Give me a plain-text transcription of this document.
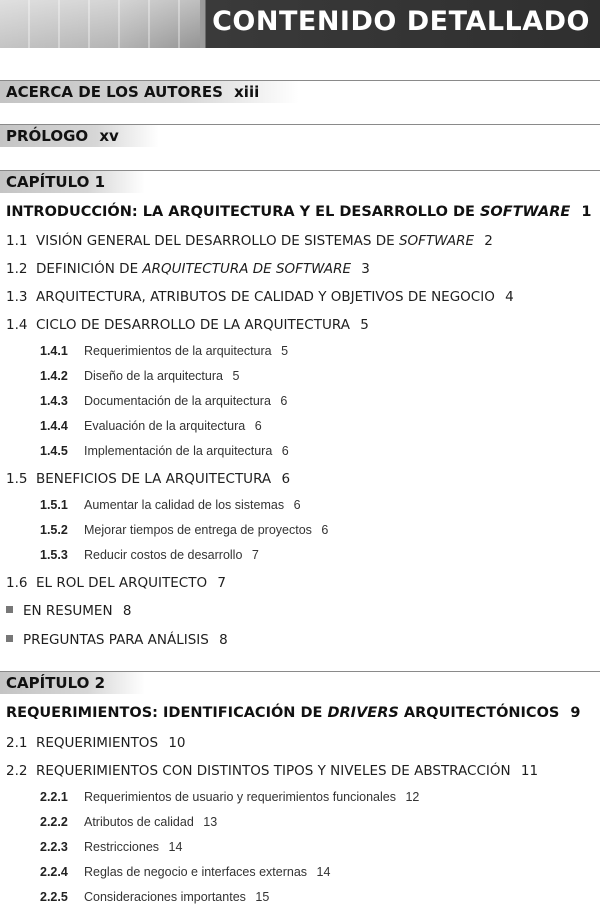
CONTENIDO DETALLADO
ACERCA DE LOS AUTORES xiii
PRÓLOGO xv
CAPÍTULO 1
INTRODUCCIÓN: LA ARQUITECTURA Y EL DESARROLLO DE SOFTWARE 1
1.1 VISIÓN GENERAL DEL DESARROLLO DE SISTEMAS DE SOFTWARE 2
1.2 DEFINICIÓN DE ARQUITECTURA DE SOFTWARE 3
1.3 ARQUITECTURA, ATRIBUTOS DE CALIDAD Y OBJETIVOS DE NEGOCIO 4
1.4 CICLO DE DESARROLLO DE LA ARQUITECTURA 5
1.4.1 Requerimientos de la arquitectura 5
1.4.2 Diseño de la arquitectura 5
1.4.3 Documentación de la arquitectura 6
1.4.4 Evaluación de la arquitectura 6
1.4.5 Implementación de la arquitectura 6
1.5 BENEFICIOS DE LA ARQUITECTURA 6
1.5.1 Aumentar la calidad de los sistemas 6
1.5.2 Mejorar tiempos de entrega de proyectos 6
1.5.3 Reducir costos de desarrollo 7
1.6 EL ROL DEL ARQUITECTO 7
EN RESUMEN 8
PREGUNTAS PARA ANÁLISIS 8
CAPÍTULO 2
REQUERIMIENTOS: IDENTIFICACIÓN DE DRIVERS ARQUITECTÓNICOS 9
2.1 REQUERIMIENTOS 10
2.2 REQUERIMIENTOS CON DISTINTOS TIPOS Y NIVELES DE ABSTRACCIÓN 11
2.2.1 Requerimientos de usuario y requerimientos funcionales 12
2.2.2 Atributos de calidad 13
2.2.3 Restricciones 14
2.2.4 Reglas de negocio e interfaces externas 14
2.2.5 Consideraciones importantes 15
